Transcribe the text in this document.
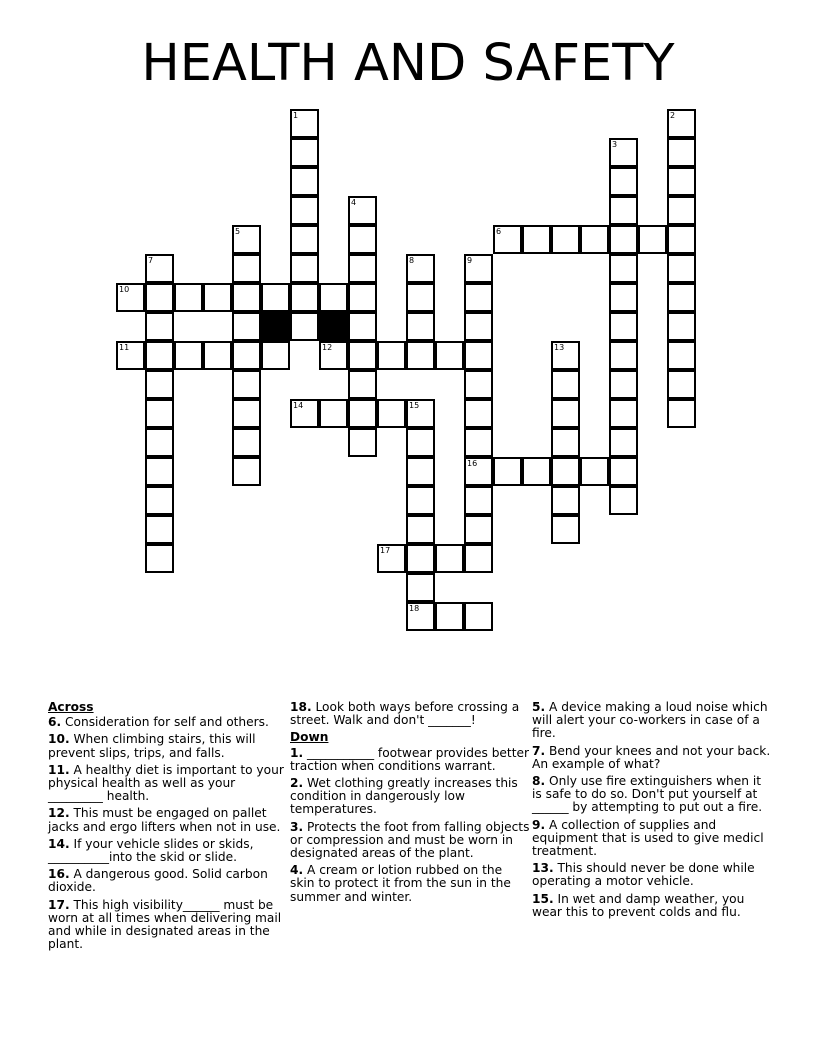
HEALTH AND SAFETY
1	2
3
4
5	6
7	8	9
16
10
11	12	13
14	15
18
17
Across
6. Consideration for self and others.
10. When climbing stairs, this will prevent slips, trips, and falls.
11. A healthy diet is important to your physical health as well as your _________ health.
12. This must be engaged on pallet jacks and ergo lifters when not in use.
14. If your vehicle slides or skids, __________into the skid or slide.
16. A dangerous good. Solid carbon dioxide.
17. This high visibility______ must be worn at all times when delivering mail and while in designated areas in the plant.
18. Look both ways before crossing a street. Walk and don't _______!
Down
1. ___________ footwear provides better traction when conditions warrant.
2. Wet clothing greatly increases this condition in dangerously low temperatures.
3. Protects the foot from falling objects or compression and must be worn in designated areas of the plant.
4. A cream or lotion rubbed on the skin to protect it from the sun in the summer and winter.
5. A device making a loud noise which will alert your co-workers in case of a fire.
7. Bend your knees and not your back. An example of what?
8. Only use fire extinguishers when it is safe to do so. Don't put yourself at ______ by attempting to put out a fire.
9. A collection of supplies and equipment that is used to give medicl treatment.
13. This should never be done while operating a motor vehicle.
15. In wet and damp weather, you wear this to prevent colds and flu.
